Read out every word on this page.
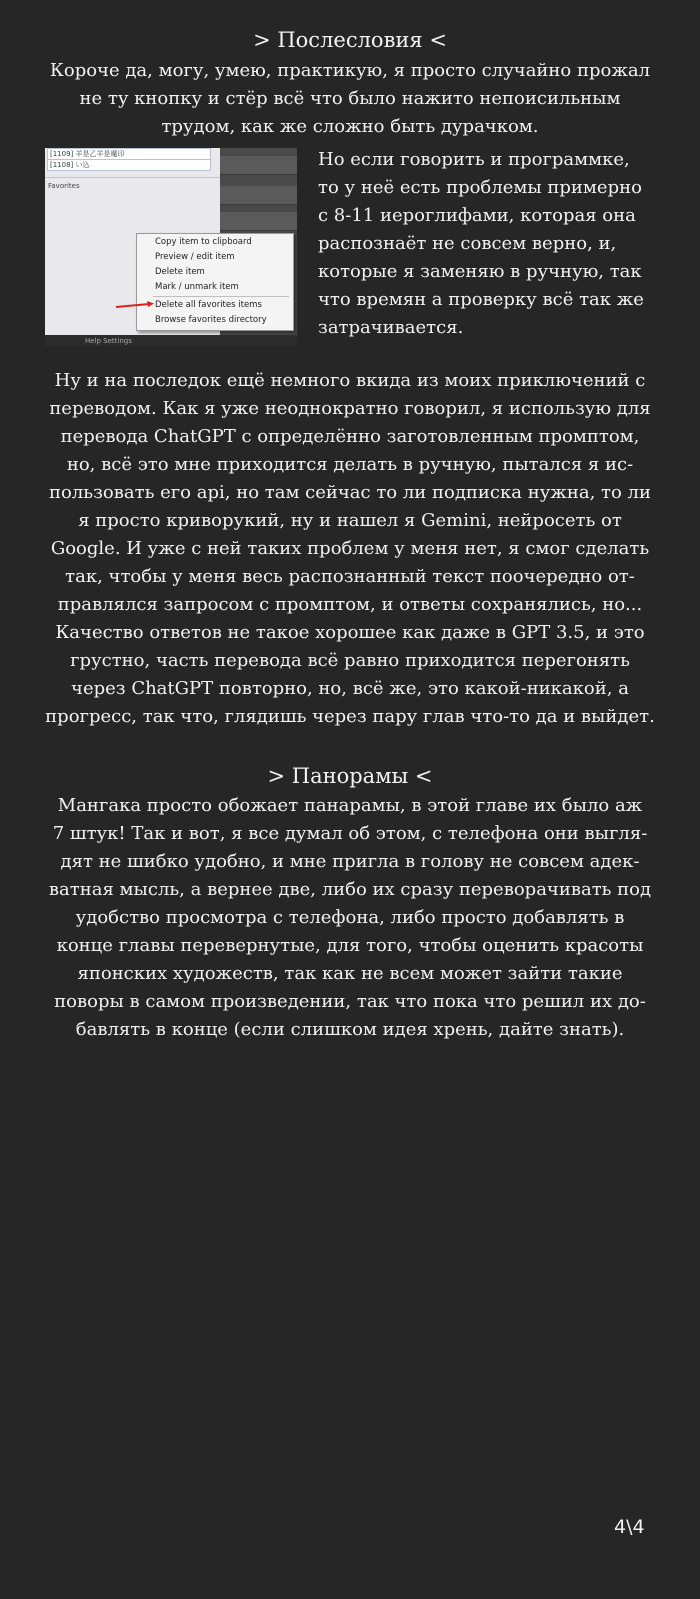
> Послесловия <
Короче да, могу, умею, практикую, я просто случайно прожал
не ту кнопку и стёр всё что было нажито непоисильным
трудом, как же сложно быть дурачком.
[1109] 羊是乙羊是魔印
[1108] い込
Favorites
Copy item to clipboard
Preview / edit item
Delete item
Mark / unmark item
Delete all favorites items
Browse favorites directory
Help Settings
Но если говорить и программке,
то у неё есть проблемы примерно
с 8-11 иероглифами, которая она
распознаёт не совсем верно, и,
которые я заменяю в ручную, так
что времян а проверку всё так же
затрачивается.
Ну и на последок ещё немного вкида из моих приключений с
переводом. Как я уже неоднократно говорил, я использую для
перевода ChatGPT с определённо заготовленным промптом,
но, всё это мне приходится делать в ручную, пытался я ис-
пользовать его api, но там сейчас то ли подписка нужна, то ли
я просто криворукий, ну и нашел я Gemini, нейросеть от
Google. И уже с ней таких проблем у меня нет, я смог сделать
так, чтобы у меня весь распознанный текст поочередно от-
правлялся запросом с промптом, и ответы сохранялись, но...
Качество ответов не такое хорошее как даже в GPT 3.5, и это
грустно, часть перевода всё равно приходится перегонять
через ChatGPT повторно, но, всё же, это какой-никакой, а
прогресс, так что, глядишь через пару глав что-то да и выйдет.
> Панорамы <
Мангака просто обожает панарамы, в этой главе их было аж
7 штук! Так и вот, я все думал об этом, с телефона они выгля-
дят не шибко удобно, и мне пригла в голову не совсем адек-
ватная мысль, а вернее две, либо их сразу переворачивать под
удобство просмотра с телефона, либо просто добавлять в
конце главы перевернутые, для того, чтобы оценить красоты
японских художеств, так как не всем может зайти такие
поворы в самом произведении, так что пока что решил их до-
бавлять в конце (если слишком идея хрень, дайте знать).
4\4
